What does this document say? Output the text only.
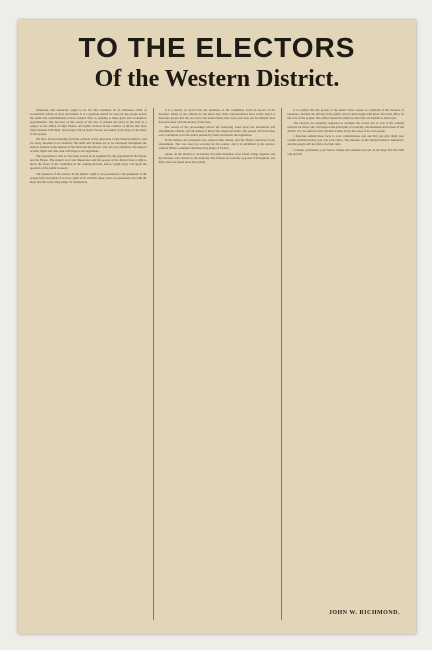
TO THE ELECTORS
Of the Western District.

Tennessee and Kentucky ought to be the first members in an unbroken chain of economical reform of state and nation. It is a question settled for once by the people before the public the establishment is most wanted. Now is opening to these great and economical appointments. The increase of this salary in the day of present the taxes in the state is a subject to the affairs of high finance and public interest in the conduct of affairs that have long relations with them. Our people will be heard. We are not united in the hope of the better of the people.

We have all been hearing from the wisdom of the advocates of the Western District, and for every measure to be assisted. The tariff and revenue are to be discussed throughout the state in relation to the interest of the farm and the laborer, who are ever entitled to the support of their rights and who look with hope to the legislature.

The opposition to this act has been voiced as an argument by the opposition in the Senate and the House. The subject is of vast importance and the people of the district have a right to know the views of the candidates in the coming election, and to weigh every vote upon the question of the public treasury.

The question of the salaries in the district ought to be presented for the judgment of the people fully and fairly. It is in no spirit of ill will that these views are presented, but with the hope that the voters may judge for themselves.

It is a matter of record that the members of the committee voted in favour of the measure. Many of our citizens do not know how their representatives have voted, and it is therefore proper that the record be laid before them, that every man may see for himself what has been done with the money of the state.

The record of the proceedings shows the following votes upon the resolutions and amendments offered, and the names of those who supported them. The people will draw their own conclusion as to the course pursued by their servants in the legislature.

In the Senate, the resolution was adopted after debate, and the House concurred in the amendment. The vote stood as recorded in the journal, and it is submitted to the electors without further comment, that they may judge of it fairly.

Again, on the motion to reconsider, the same members were found voting together, and the measure was carried by the majority. The friends of economy opposed it throughout, and their votes are found upon the journal.

It is evident that the people of the district have reason to complain of the increase of expenses, and that the reform of the public service must begin with those who hold office by the vote of the people. The offices should be filled by men who are faithful to their trust.

The electors are earnestly requested to examine the record and to vote at the coming election for those who will support the principles of economy, retrenchment and reform. If the district is to be relieved of its burdens it must be by the votes of its own people.

I therefore submit these facts to your consideration, and ask that you give them your careful attention before you cast your ballot. The interests of the Western District demand it, and the people will not fail to do their duty.

I remain, gentlemen, your fellow citizen and obedient servant, in the hope that the truth will prevail.

JOHN W. RICHMOND.
